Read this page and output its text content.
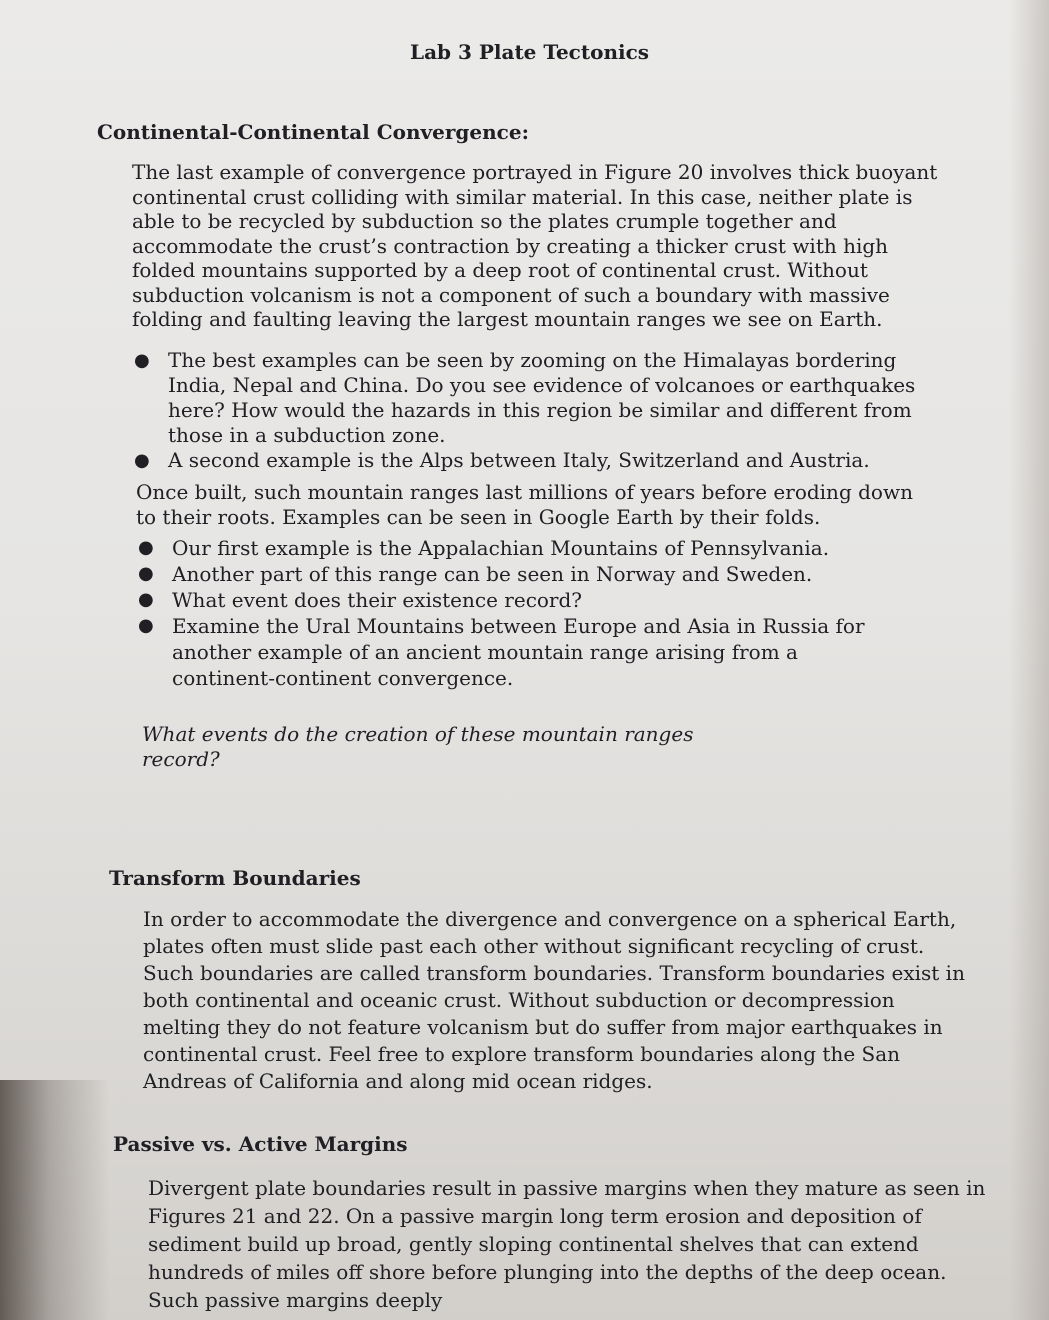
Lab 3 Plate Tectonics
Continental-Continental Convergence:

The last example of convergence portrayed in Figure 20 involves thick buoyant continental crust colliding with similar material. In this case, neither plate is able to be recycled by subduction so the plates crumple together and accommodate the crust’s contraction by creating a thicker crust with high folded mountains supported by a deep root of continental crust. Without subduction volcanism is not a component of such a boundary with massive folding and faulting leaving the largest mountain ranges we see on Earth.

● The best examples can be seen by zooming on the Himalayas bordering India, Nepal and China. Do you see evidence of volcanoes or earthquakes here? How would the hazards in this region be similar and different from those in a subduction zone.
● A second example is the Alps between Italy, Switzerland and Austria.

Once built, such mountain ranges last millions of years before eroding down to their roots. Examples can be seen in Google Earth by their folds.

● Our first example is the Appalachian Mountains of Pennsylvania.
● Another part of this range can be seen in Norway and Sweden.
● What event does their existence record?
● Examine the Ural Mountains between Europe and Asia in Russia for another example of an ancient mountain range arising from a continent-continent convergence.

What events do the creation of these mountain ranges record?

Transform Boundaries

In order to accommodate the divergence and convergence on a spherical Earth, plates often must slide past each other without significant recycling of crust. Such boundaries are called transform boundaries. Transform boundaries exist in both continental and oceanic crust. Without subduction or decompression melting they do not feature volcanism but do suffer from major earthquakes in continental crust. Feel free to explore transform boundaries along the San Andreas of California and along mid ocean ridges.

Passive vs. Active Margins

Divergent plate boundaries result in passive margins when they mature as seen in Figures 21 and 22. On a passive margin long term erosion and deposition of sediment build up broad, gently sloping continental shelves that can extend hundreds of miles off shore before plunging into the depths of the deep ocean. Such passive margins deeply
